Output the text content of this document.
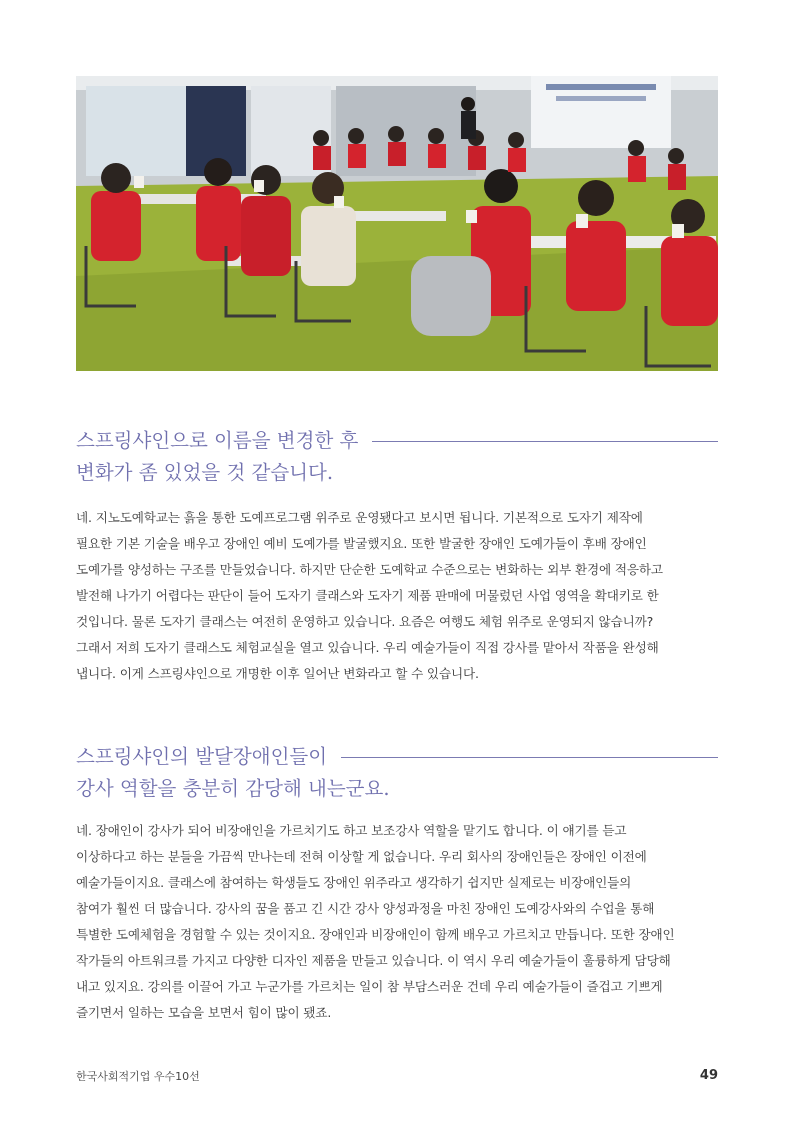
스프링샤인으로 이름을 변경한 후
변화가 좀 있었을 것 같습니다.
네. 지노도예학교는 흙을 통한 도예프로그램 위주로 운영됐다고 보시면 됩니다. 기본적으로 도자기 제작에
필요한 기본 기술을 배우고 장애인 예비 도예가를 발굴했지요. 또한 발굴한 장애인 도예가들이 후배 장애인
도예가를 양성하는 구조를 만들었습니다. 하지만 단순한 도예학교 수준으로는 변화하는 외부 환경에 적응하고
발전해 나가기 어렵다는 판단이 들어 도자기 클래스와 도자기 제품 판매에 머물렀던 사업 영역을 확대키로 한
것입니다. 물론 도자기 클래스는 여전히 운영하고 있습니다. 요즘은 여행도 체험 위주로 운영되지 않습니까?
그래서 저희 도자기 클래스도 체험교실을 열고 있습니다. 우리 예술가들이 직접 강사를 맡아서 작품을 완성해
냅니다. 이게 스프링샤인으로 개명한 이후 일어난 변화라고 할 수 있습니다.
스프링샤인의 발달장애인들이
강사 역할을 충분히 감당해 내는군요.
네. 장애인이 강사가 되어 비장애인을 가르치기도 하고 보조강사 역할을 맡기도 합니다. 이 얘기를 듣고
이상하다고 하는 분들을 가끔씩 만나는데 전혀 이상할 게 없습니다. 우리 회사의 장애인들은 장애인 이전에
예술가들이지요. 클래스에 참여하는 학생들도 장애인 위주라고 생각하기 쉽지만 실제로는 비장애인들의
참여가 훨씬 더 많습니다. 강사의 꿈을 품고 긴 시간 강사 양성과정을 마친 장애인 도예강사와의 수업을 통해
특별한 도예체험을 경험할 수 있는 것이지요. 장애인과 비장애인이 함께 배우고 가르치고 만듭니다. 또한 장애인
작가들의 아트워크를 가지고 다양한 디자인 제품을 만들고 있습니다. 이 역시 우리 예술가들이 훌륭하게 담당해
내고 있지요. 강의를 이끌어 가고 누군가를 가르치는 일이 참 부담스러운 건데 우리 예술가들이 즐겁고 기쁘게
즐기면서 일하는 모습을 보면서 힘이 많이 됐죠.
한국사회적기업 우수10선	49
